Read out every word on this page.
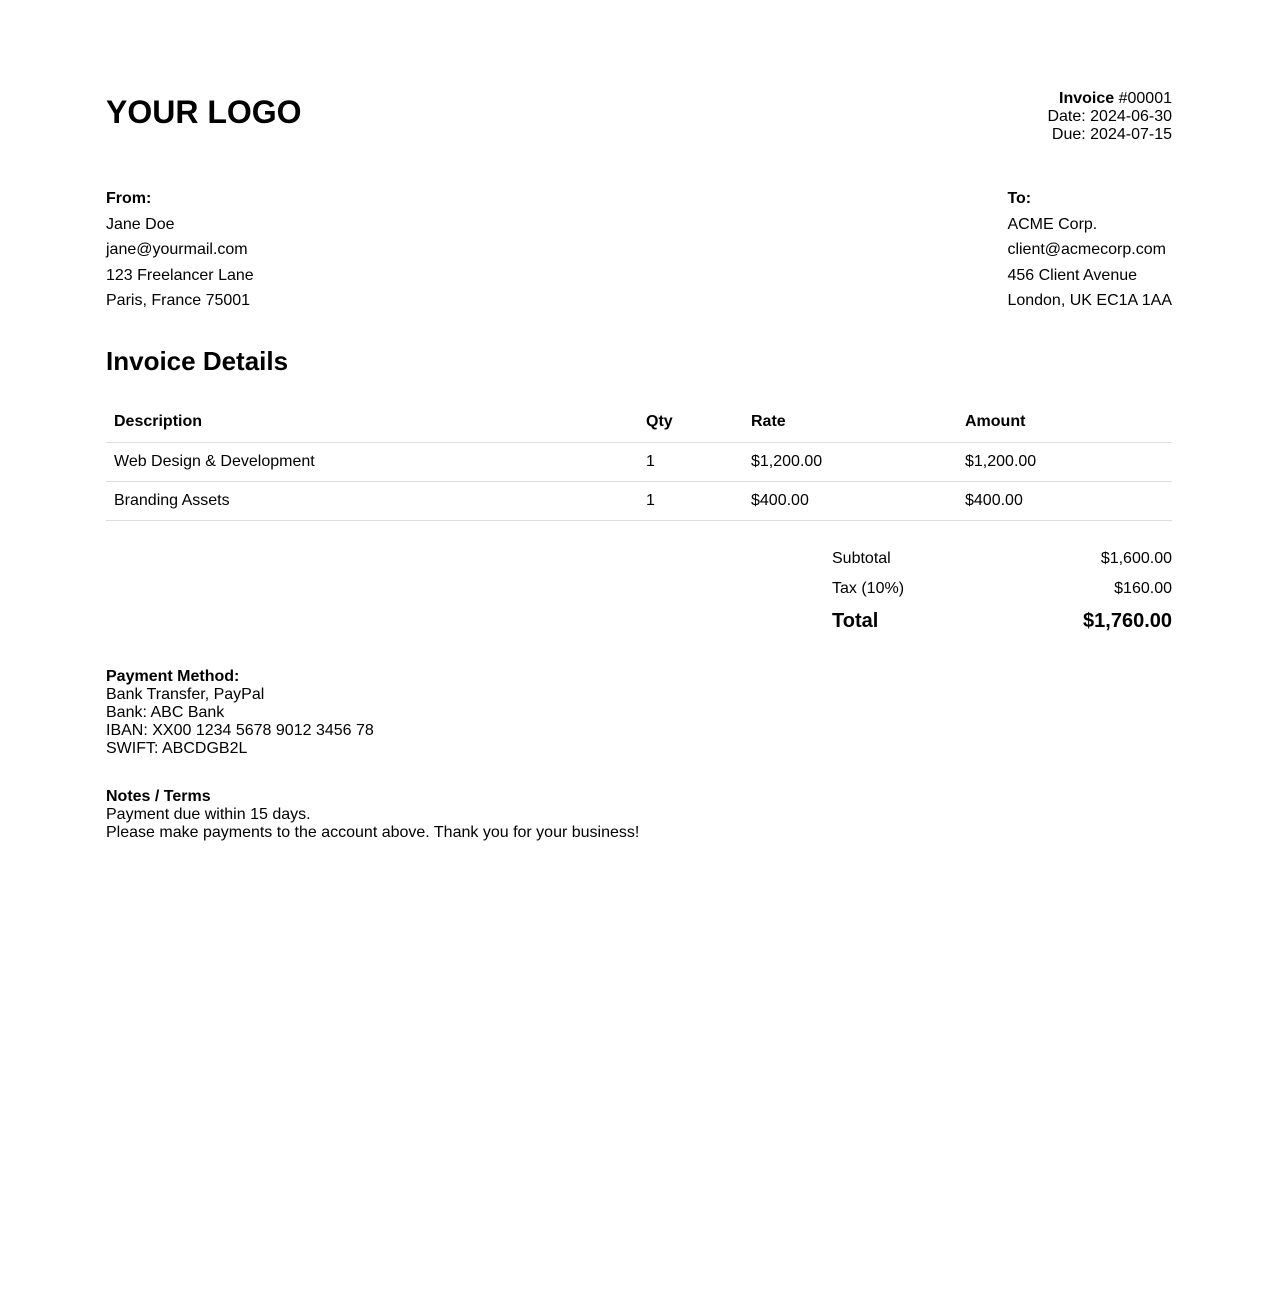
YOUR LOGO	Invoice #00001
Date: 2024-06-30
Due: 2024-07-15
From:
Jane Doe
jane@yourmail.com
123 Freelancer Lane
Paris, France 75001
To:
ACME Corp.
client@acmecorp.com
456 Client Avenue
London, UK EC1A 1AA
Invoice Details
Description	Qty	Rate	Amount
Web Design & Development	1	$1,200.00	$1,200.00
Branding Assets	1	$400.00	$400.00
Subtotal	$1,600.00
Tax (10%)	$160.00
Total	$1,760.00
Payment Method:
Bank Transfer, PayPal
Bank: ABC Bank
IBAN: XX00 1234 5678 9012 3456 78
SWIFT: ABCDGB2L
Notes / Terms
Payment due within 15 days.
Please make payments to the account above. Thank you for your business!
